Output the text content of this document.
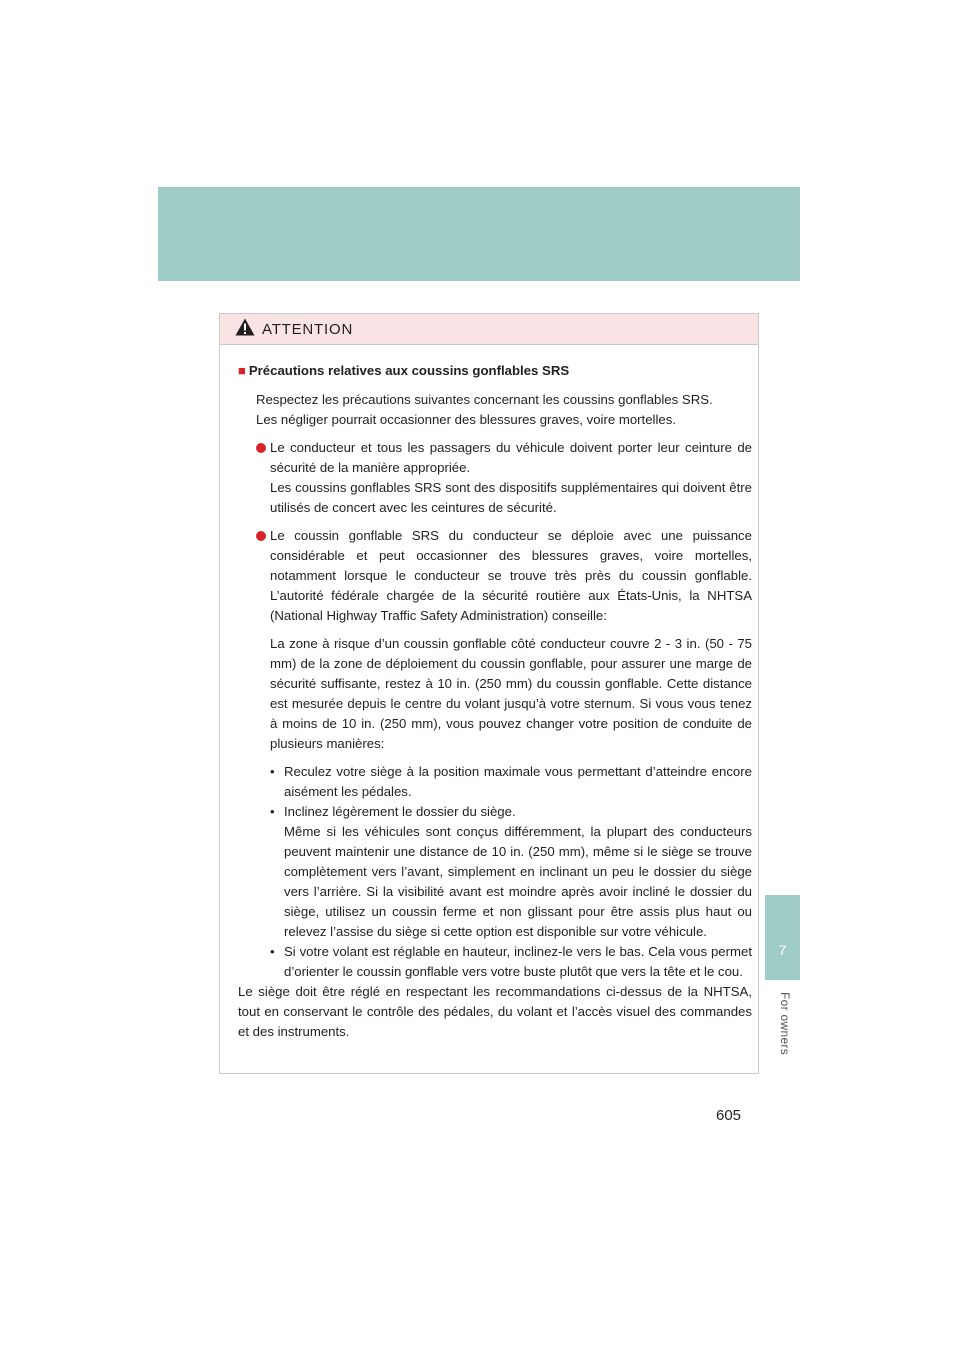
ATTENTION

■ Précautions relatives aux coussins gonflables SRS

Respectez les précautions suivantes concernant les coussins gonflables SRS.

Les négliger pourrait occasionner des blessures graves, voire mortelles.

Le conducteur et tous les passagers du véhicule doivent porter leur ceinture de sécurité de la manière appropriée.
Les coussins gonflables SRS sont des dispositifs supplémentaires qui doivent être utilisés de concert avec les ceintures de sécurité.
Le coussin gonflable SRS du conducteur se déploie avec une puissance considérable et peut occasionner des blessures graves, voire mortelles, notamment lorsque le conducteur se trouve très près du coussin gonflable. L’autorité fédérale chargée de la sécurité routière aux États-Unis, la NHTSA (National Highway Traffic Safety Administration) conseille:
La zone à risque d’un coussin gonflable côté conducteur couvre 2 - 3 in. (50 - 75 mm) de la zone de déploiement du coussin gonflable, pour assurer une marge de sécurité suffisante, restez à 10 in. (250 mm) du coussin gonflable. Cette distance est mesurée depuis le centre du volant jusqu’à votre sternum. Si vous vous tenez à moins de 10 in. (250 mm), vous pouvez changer votre position de conduite de plusieurs manières:
• Reculez votre siège à la position maximale vous permettant d’atteindre encore aisément les pédales.
• Inclinez légèrement le dossier du siège.
Même si les véhicules sont conçus différemment, la plupart des conducteurs peuvent maintenir une distance de 10 in. (250 mm), même si le siège se trouve complètement vers l’avant, simplement en inclinant un peu le dossier du siège vers l’arrière. Si la visibilité avant est moindre après avoir incliné le dossier du siège, utilisez un coussin ferme et non glissant pour être assis plus haut ou relevez l’assise du siège si cette option est disponible sur votre véhicule.
• Si votre volant est réglable en hauteur, inclinez-le vers le bas. Cela vous permet d’orienter le coussin gonflable vers votre buste plutôt que vers la tête et le cou.

Le siège doit être réglé en respectant les recommandations ci-dessus de la NHTSA, tout en conservant le contrôle des pédales, du volant et l’accès visuel des commandes et des instruments.

7
For owners
605
